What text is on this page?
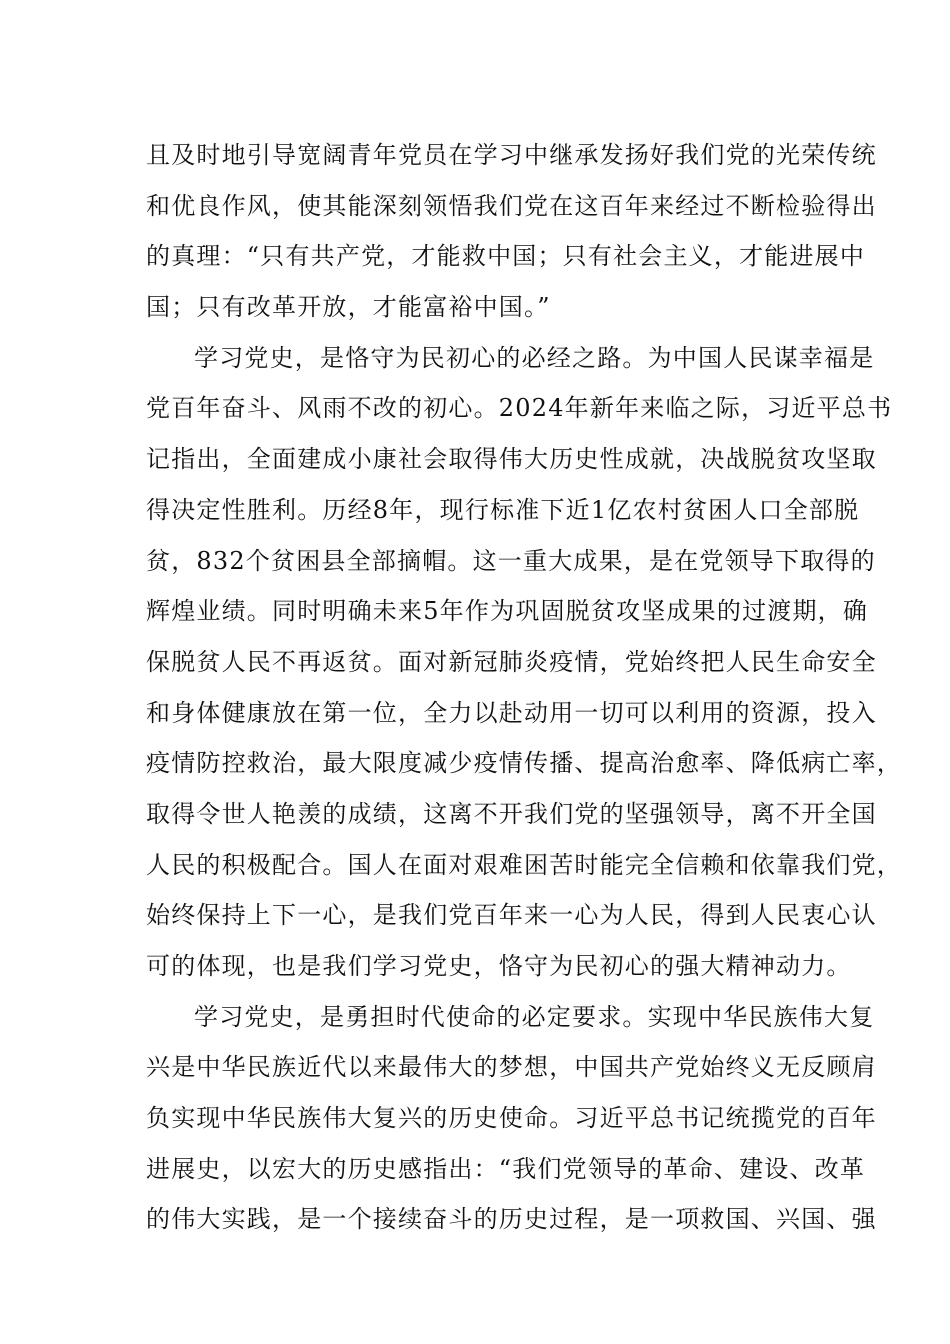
且及时地引导宽阔青年党员在学习中继承发扬好我们党的光荣传统
和优良作风，使其能深刻领悟我们党在这百年来经过不断检验得出
的真理：“只有共产党，才能救中国；只有社会主义，才能进展中
国；只有改革开放，才能富裕中国。”
学习党史，是恪守为民初心的必经之路。为中国人民谋幸福是
党百年奋斗、风雨不改的初心。2024年新年来临之际，习近平总书
记指出，全面建成小康社会取得伟大历史性成就，决战脱贫攻坚取
得决定性胜利。历经8年，现行标准下近1亿农村贫困人口全部脱
贫，832个贫困县全部摘帽。这一重大成果，是在党领导下取得的
辉煌业绩。同时明确未来5年作为巩固脱贫攻坚成果的过渡期，确
保脱贫人民不再返贫。面对新冠肺炎疫情，党始终把人民生命安全
和身体健康放在第一位，全力以赴动用一切可以利用的资源，投入
疫情防控救治，最大限度减少疫情传播、提高治愈率、降低病亡率，
取得令世人艳羡的成绩，这离不开我们党的坚强领导，离不开全国
人民的积极配合。国人在面对艰难困苦时能完全信赖和依靠我们党，
始终保持上下一心，是我们党百年来一心为人民，得到人民衷心认
可的体现，也是我们学习党史，恪守为民初心的强大精神动力。
学习党史，是勇担时代使命的必定要求。实现中华民族伟大复
兴是中华民族近代以来最伟大的梦想，中国共产党始终义无反顾肩
负实现中华民族伟大复兴的历史使命。习近平总书记统揽党的百年
进展史，以宏大的历史感指出：“我们党领导的革命、建设、改革
的伟大实践，是一个接续奋斗的历史过程，是一项救国、兴国、强
